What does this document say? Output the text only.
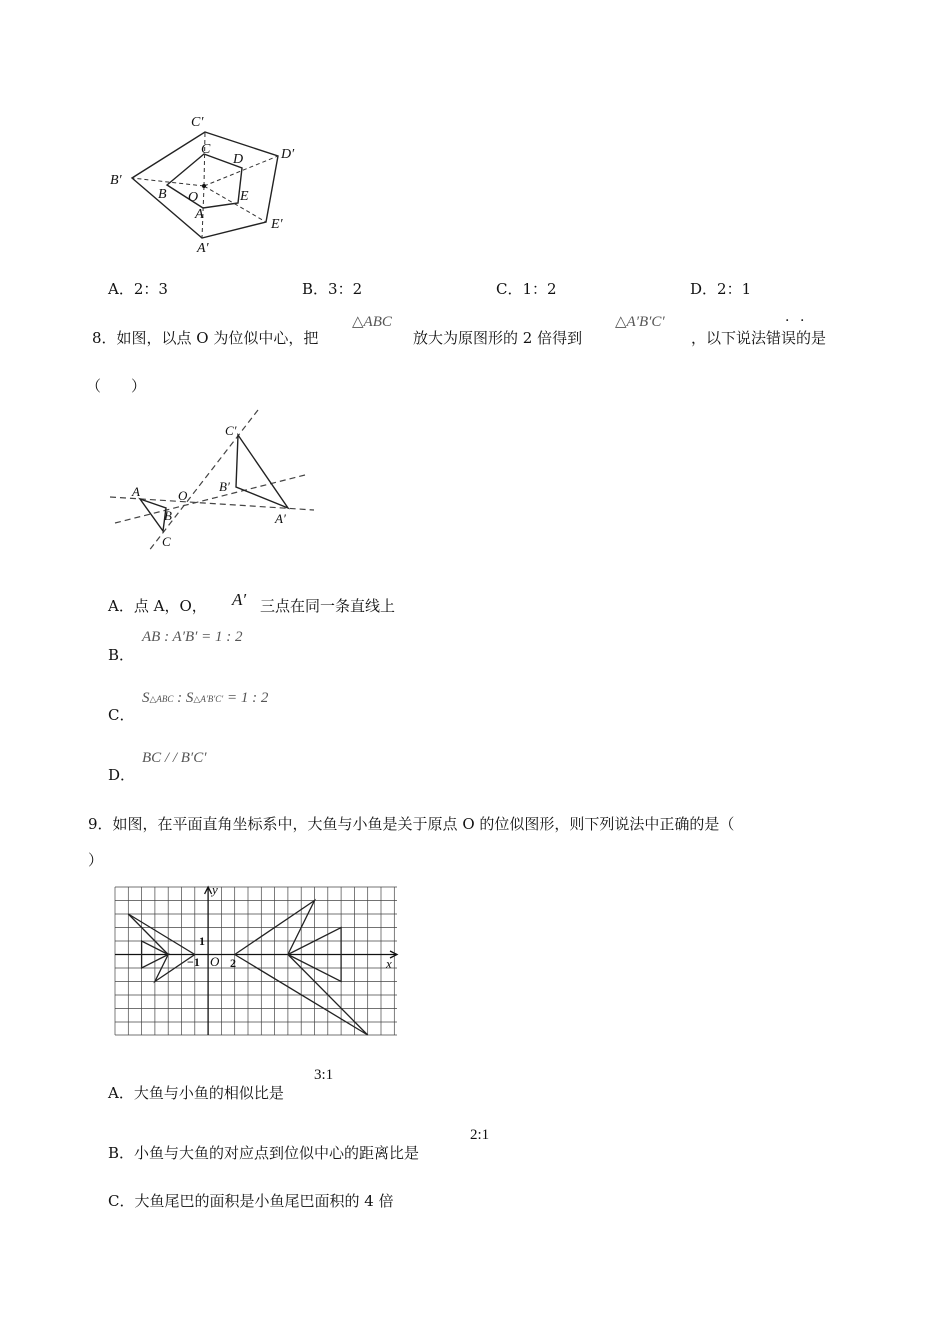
C′
C
D	D′
B′
B O	E
A
E′
A′
A．2：3	B．3：2	C．1：2	D．2：1
8．如图，以点 O 为位似中心，把
△ABC
放大为原图形的 2 倍得到
△A′B′C′
，以下说法错误的是
· ·
（　　）
C′
A	O
B′
B	A′
C
A．点 A，O， A′ 三点在同一条直线上
AB : A′B′ = 1 : 2
B．
S△ABC : S△A′B′C′ = 1 : 2
C．
BC / / B′C′
D．
9．如图，在平面直角坐标系中，大鱼与小鱼是关于原点 O 的位似图形，则下列说法中正确的是（
）
x
y
O
1
−1	2
A．大鱼与小鱼的相似比是
3:1
B．小鱼与大鱼的对应点到位似中心的距离比是
2:1
C．大鱼尾巴的面积是小鱼尾巴面积的 4 倍
